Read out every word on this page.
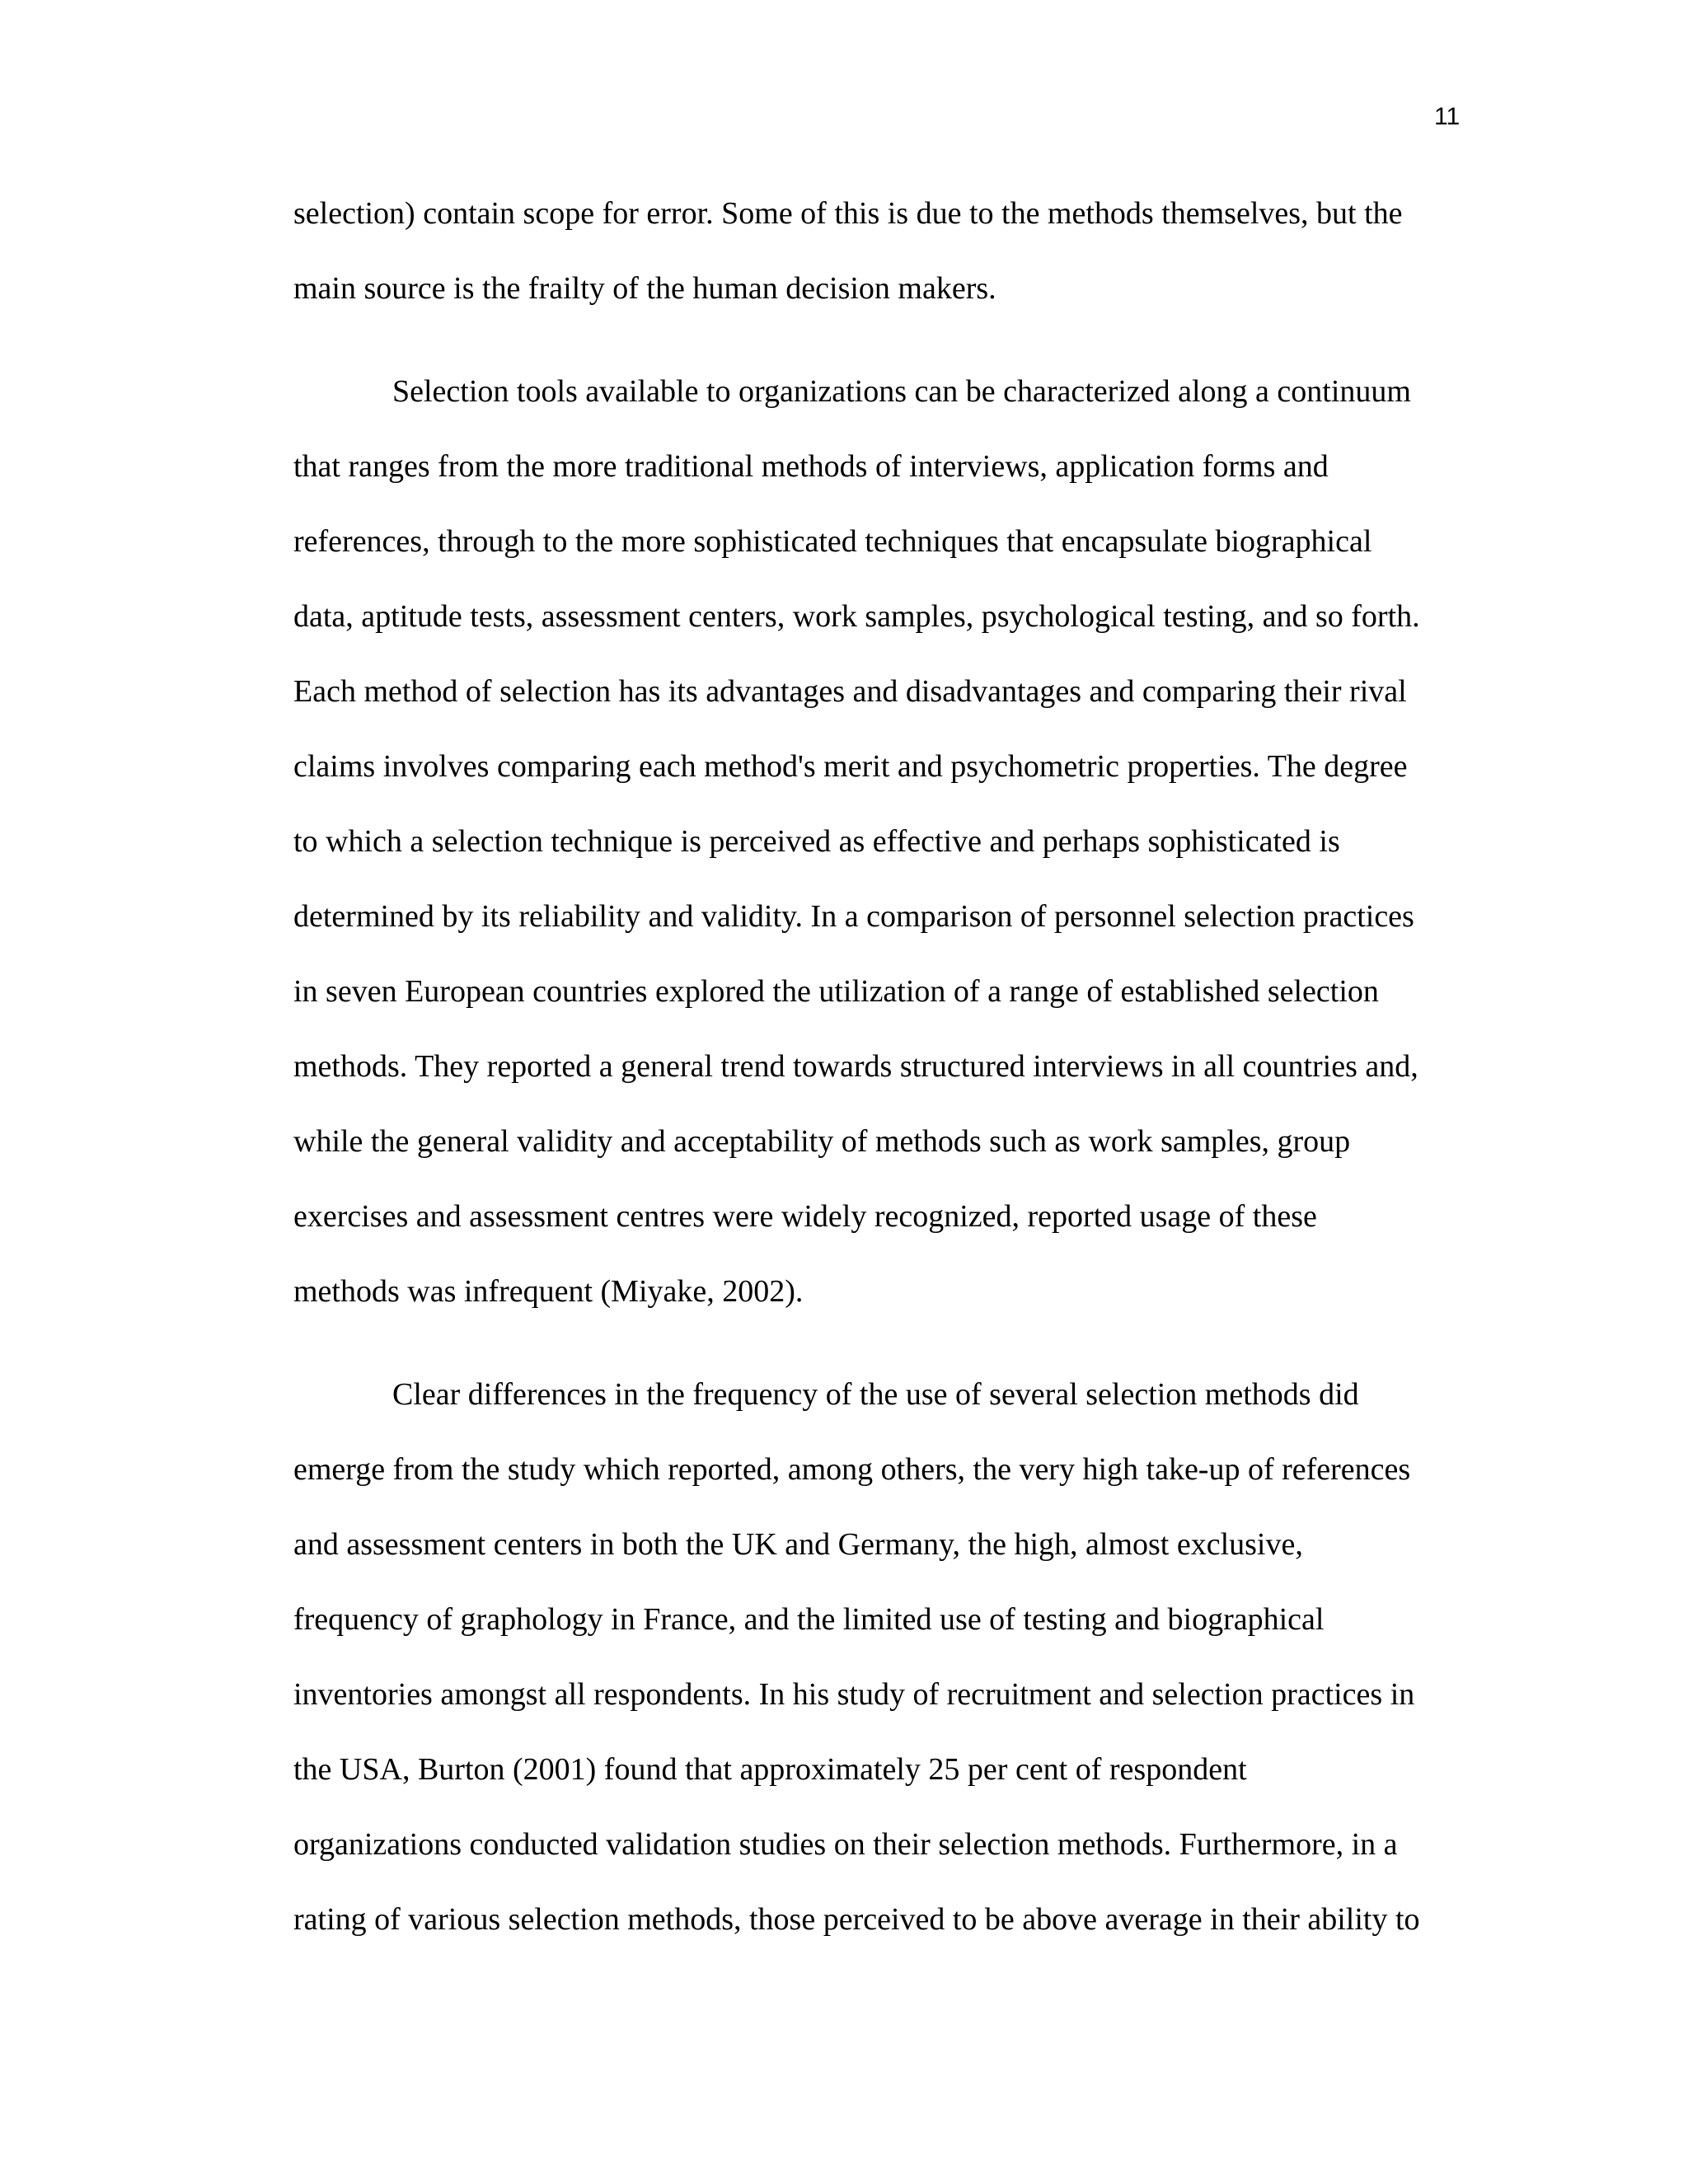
11
selection) contain scope for error. Some of this is due to the methods themselves, but the
main source is the frailty of the human decision makers.
Selection tools available to organizations can be characterized along a continuum
that ranges from the more traditional methods of interviews, application forms and
references, through to the more sophisticated techniques that encapsulate biographical
data, aptitude tests, assessment centers, work samples, psychological testing, and so forth.
Each method of selection has its advantages and disadvantages and comparing their rival
claims involves comparing each method's merit and psychometric properties. The degree
to which a selection technique is perceived as effective and perhaps sophisticated is
determined by its reliability and validity. In a comparison of personnel selection practices
in seven European countries explored the utilization of a range of established selection
methods. They reported a general trend towards structured interviews in all countries and,
while the general validity and acceptability of methods such as work samples, group
exercises and assessment centres were widely recognized, reported usage of these
methods was infrequent (Miyake, 2002).
Clear differences in the frequency of the use of several selection methods did
emerge from the study which reported, among others, the very high take-up of references
and assessment centers in both the UK and Germany, the high, almost exclusive,
frequency of graphology in France, and the limited use of testing and biographical
inventories amongst all respondents. In his study of recruitment and selection practices in
the USA, Burton (2001) found that approximately 25 per cent of respondent
organizations conducted validation studies on their selection methods. Furthermore, in a
rating of various selection methods, those perceived to be above average in their ability to
